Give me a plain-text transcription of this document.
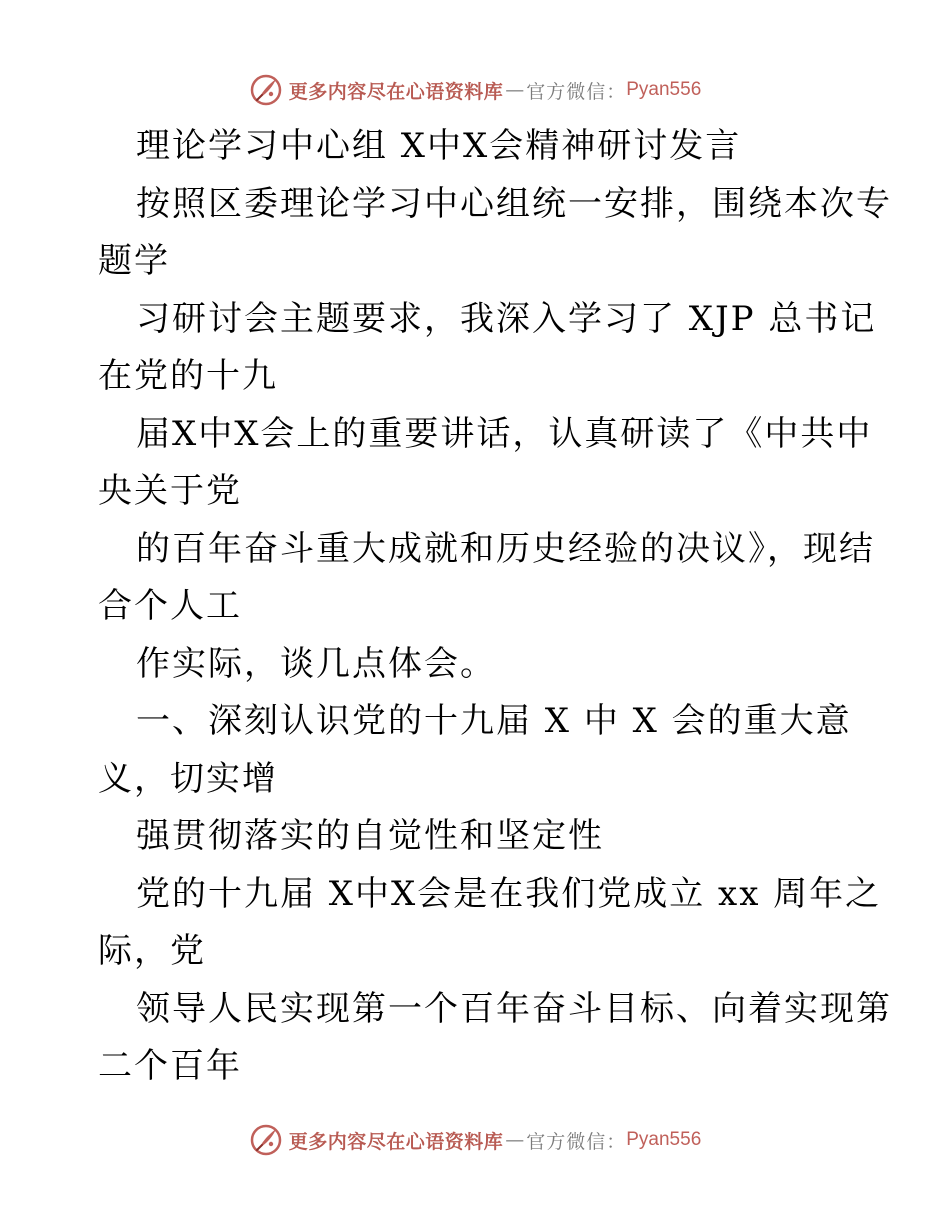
更多内容尽在心语资料库 — 官方微信： Pyan556
理论学习中心组 X中X会精神研讨发言
按照区委理论学习中心组统一安排，围绕本次专
题学
习研讨会主题要求，我深入学习了 XJP 总书记
在党的十九
届X中X会上的重要讲话，认真研读了《中共中
央关于党
的百年奋斗重大成就和历史经验的决议》，现结
合个人工
作实际，谈几点体会。
一、深刻认识党的十九届 X 中 X 会的重大意
义，切实增
强贯彻落实的自觉性和坚定性
党的十九届 X中X会是在我们党成立 xx 周年之
际，党
领导人民实现第一个百年奋斗目标、向着实现第
二个百年
更多内容尽在心语资料库 — 官方微信： Pyan556
